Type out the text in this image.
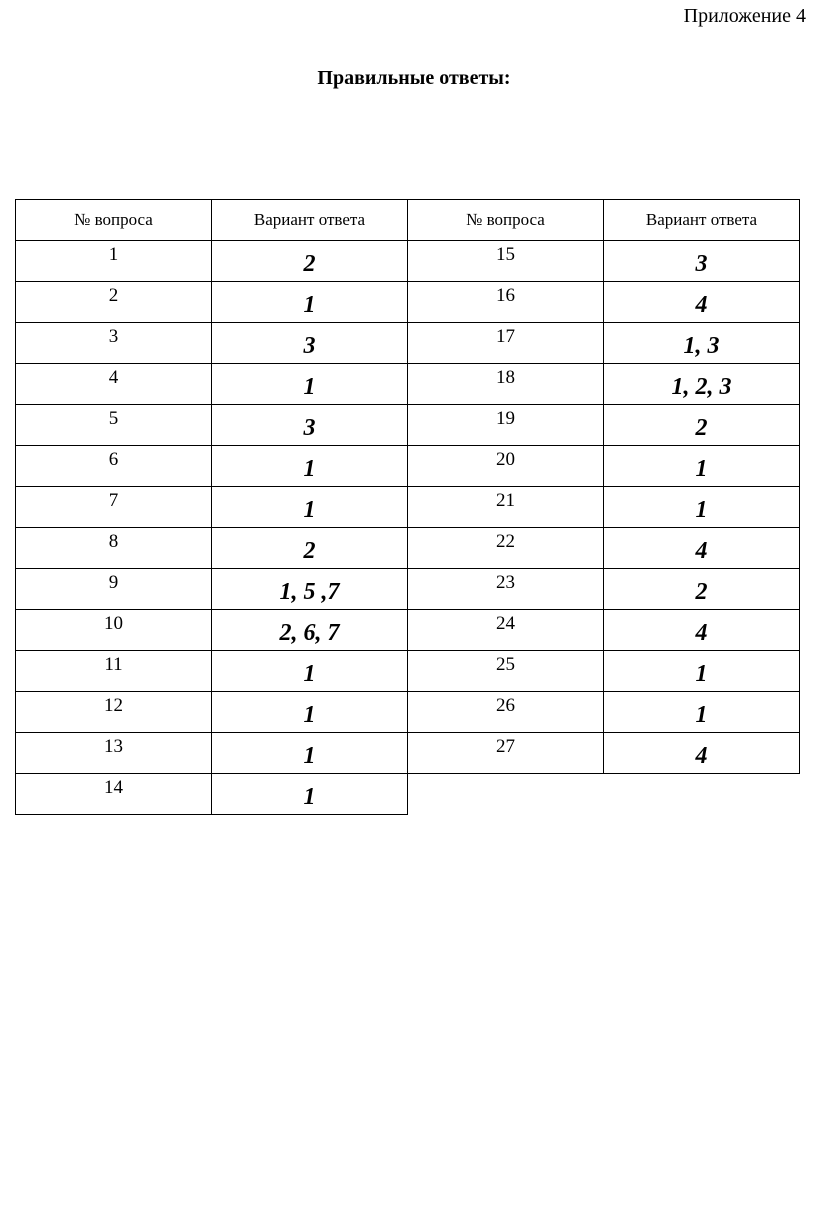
Приложение 4
Правильные ответы:
№ вопроса	Вариант ответа	№ вопроса	Вариант ответа
1	2	15	3
2	1	16	4
3	3	17	1, 3
4	1	18	1, 2, 3
5	3	19	2
6	1	20	1
7	1	21	1
8	2	22	4
9	1, 5 ,7	23	2
10	2, 6, 7	24	4
11	1	25	1
12	1	26	1
13	1	27	4
14	1		
